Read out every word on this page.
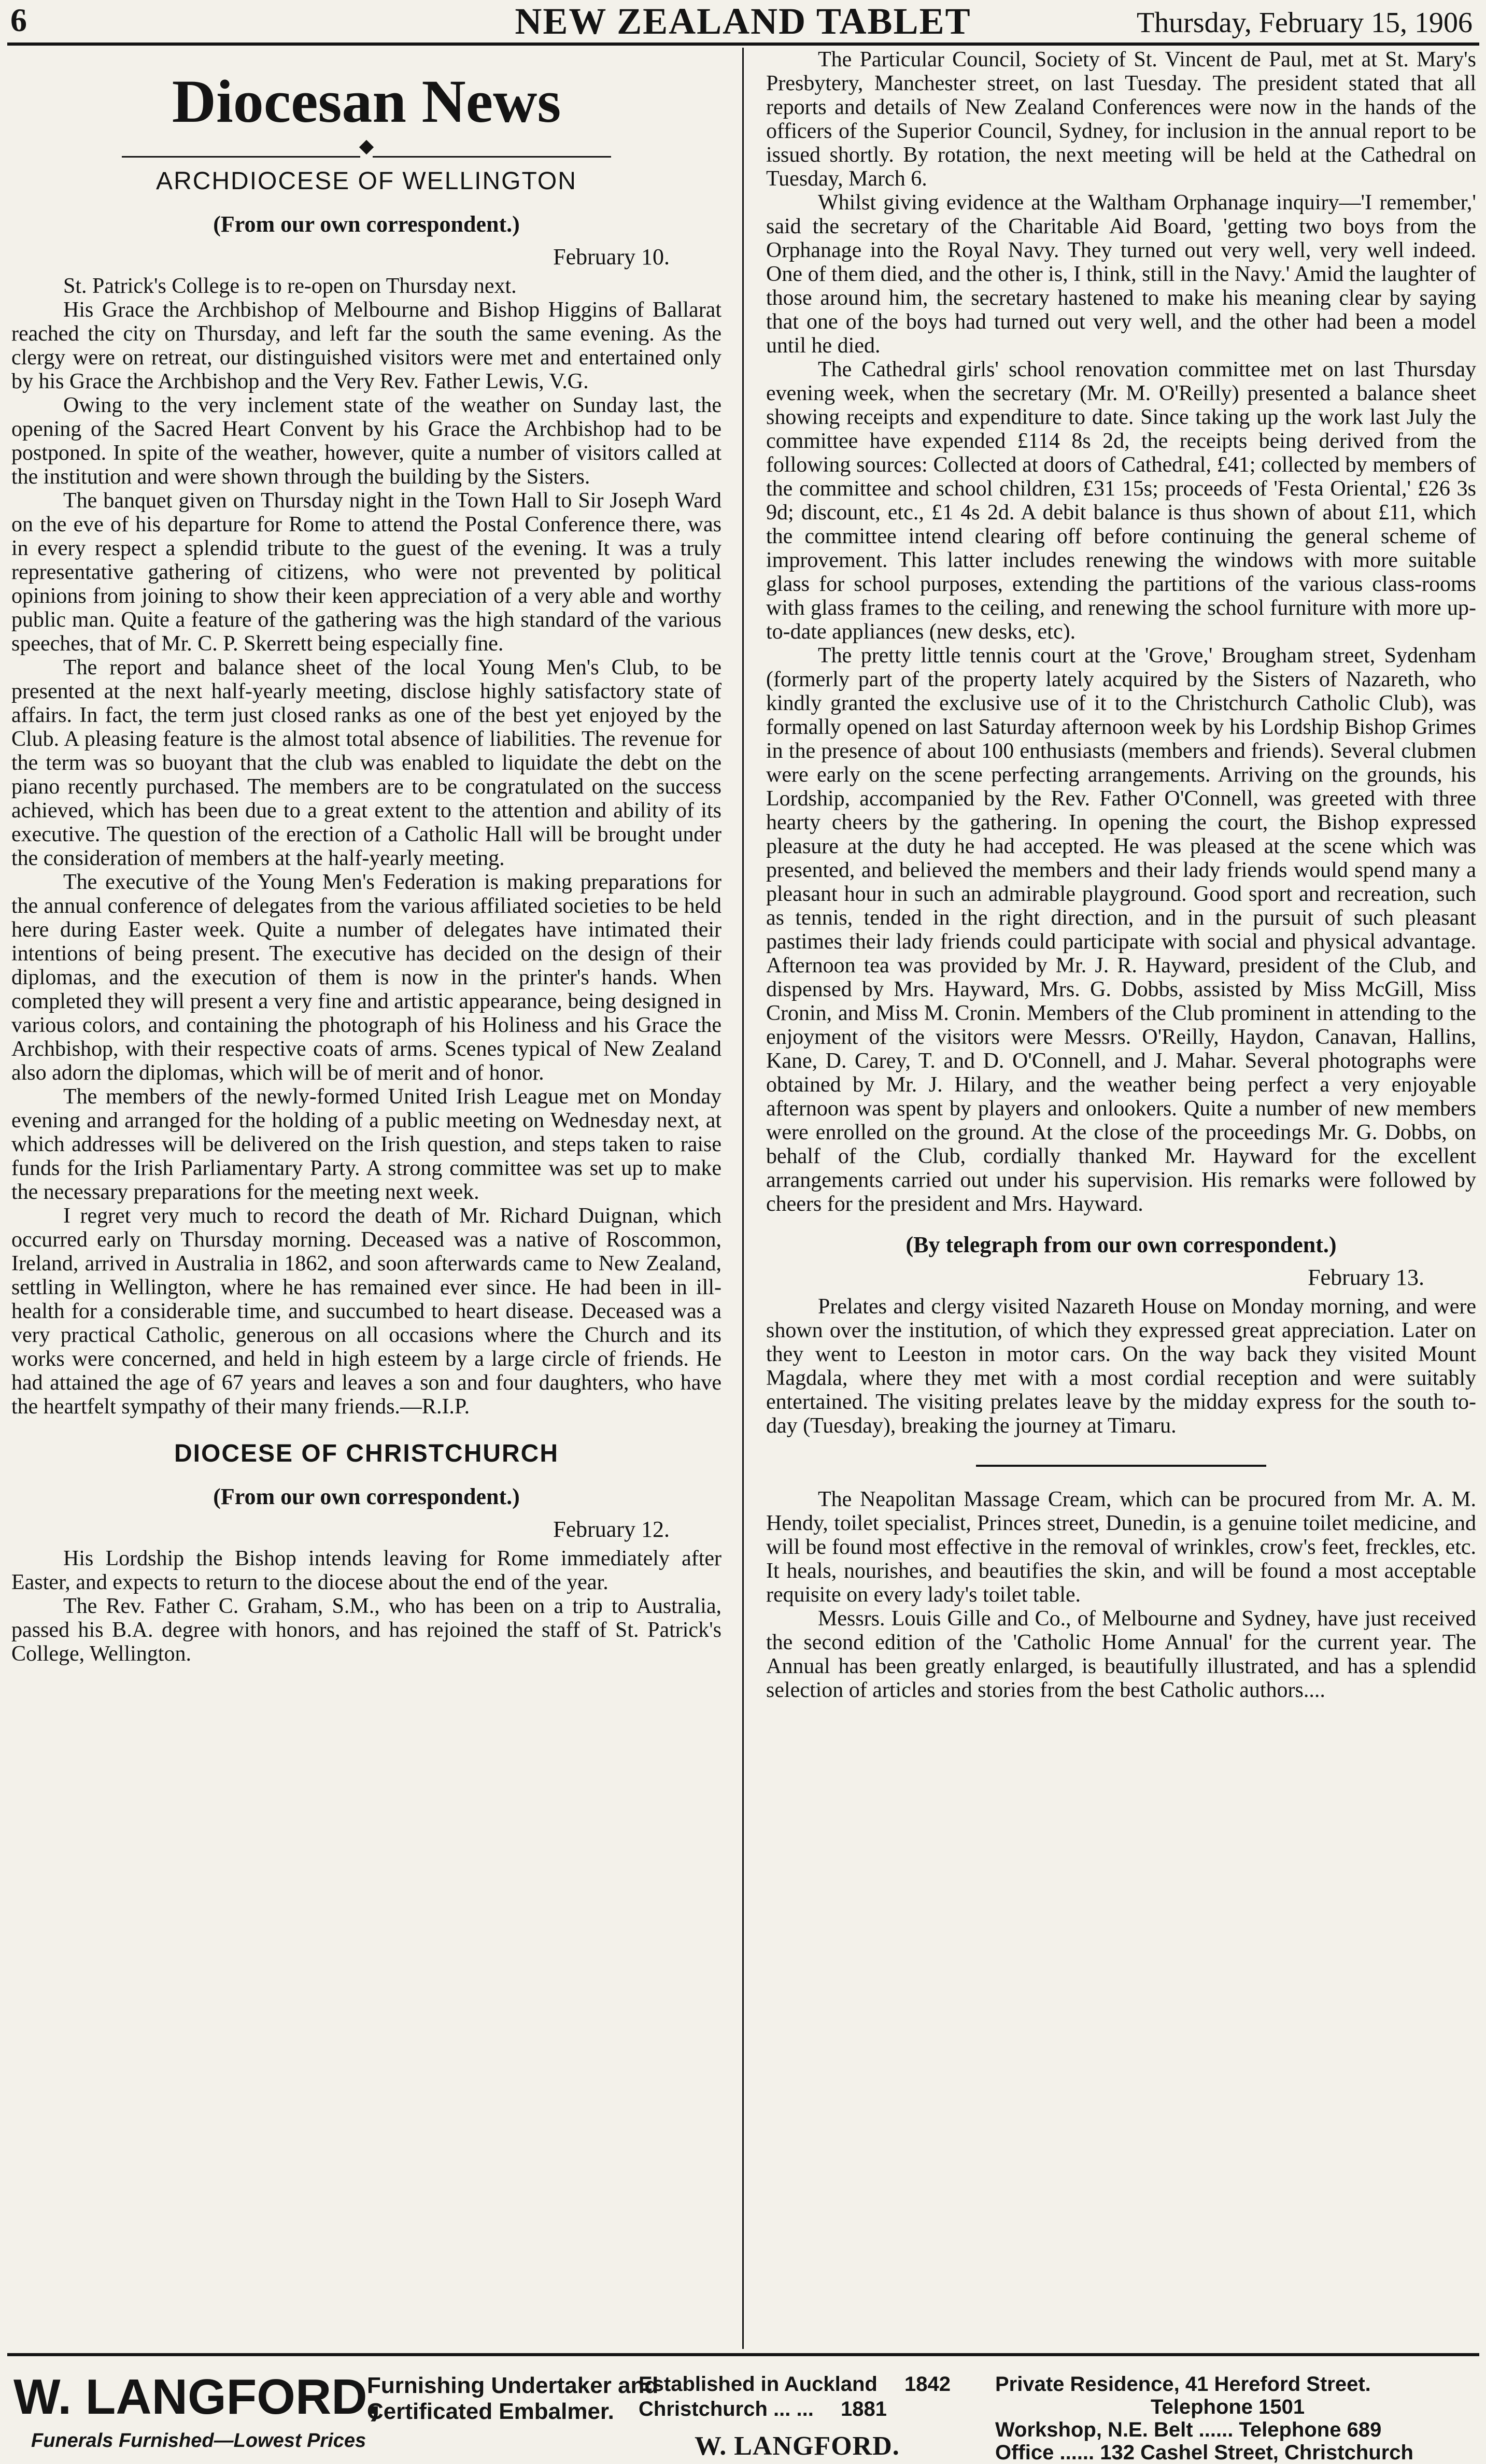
6	NEW ZEALAND TABLET	Thursday, February 15, 1906
Diocesan News
ARCHDIOCESE OF WELLINGTON
(From our own correspondent.)
February 10.

St. Patrick's College is to re-open on Thursday next.

His Grace the Archbishop of Melbourne and Bishop Higgins of Ballarat reached the city on Thursday, and left far the south the same evening. As the clergy were on retreat, our distinguished visitors were met and entertained only by his Grace the Archbishop and the Very Rev. Father Lewis, V.G.

Owing to the very inclement state of the weather on Sunday last, the opening of the Sacred Heart Convent by his Grace the Archbishop had to be postponed. In spite of the weather, however, quite a number of visitors called at the institution and were shown through the building by the Sisters.

The banquet given on Thursday night in the Town Hall to Sir Joseph Ward on the eve of his departure for Rome to attend the Postal Conference there, was in every respect a splendid tribute to the guest of the evening. It was a truly representative gathering of citizens, who were not prevented by political opinions from joining to show their keen appreciation of a very able and worthy public man. Quite a feature of the gathering was the high standard of the various speeches, that of Mr. C. P. Skerrett being especially fine.

The report and balance sheet of the local Young Men's Club, to be presented at the next half-yearly meeting, disclose highly satisfactory state of affairs. In fact, the term just closed ranks as one of the best yet enjoyed by the Club. A pleasing feature is the almost total absence of liabilities. The revenue for the term was so buoyant that the club was enabled to liquidate the debt on the piano recently purchased. The members are to be congratulated on the success achieved, which has been due to a great extent to the attention and ability of its executive. The question of the erection of a Catholic Hall will be brought under the consideration of members at the half-yearly meeting.

The executive of the Young Men's Federation is making preparations for the annual conference of delegates from the various affiliated societies to be held here during Easter week. Quite a number of delegates have intimated their intentions of being present. The executive has decided on the design of their diplomas, and the execution of them is now in the printer's hands. When completed they will present a very fine and artistic appearance, being designed in various colors, and containing the photograph of his Holiness and his Grace the Archbishop, with their respective coats of arms. Scenes typical of New Zealand also adorn the diplomas, which will be of merit and of honor.

The members of the newly-formed United Irish League met on Monday evening and arranged for the holding of a public meeting on Wednesday next, at which addresses will be delivered on the Irish question, and steps taken to raise funds for the Irish Parliamentary Party. A strong committee was set up to make the necessary preparations for the meeting next week.

I regret very much to record the death of Mr. Richard Duignan, which occurred early on Thursday morning. Deceased was a native of Roscommon, Ireland, arrived in Australia in 1862, and soon afterwards came to New Zealand, settling in Wellington, where he has remained ever since. He had been in ill-health for a considerable time, and succumbed to heart disease. Deceased was a very practical Catholic, generous on all occasions where the Church and its works were concerned, and held in high esteem by a large circle of friends. He had attained the age of 67 years and leaves a son and four daughters, who have the heartfelt sympathy of their many friends.—R.I.P.

DIOCESE OF CHRISTCHURCH
(From our own correspondent.)
February 12.

His Lordship the Bishop intends leaving for Rome immediately after Easter, and expects to return to the diocese about the end of the year.

The Rev. Father C. Graham, S.M., who has been on a trip to Australia, passed his B.A. degree with honors, and has rejoined the staff of St. Patrick's College, Wellington.

The Particular Council, Society of St. Vincent de Paul, met at St. Mary's Presbytery, Manchester street, on last Tuesday. The president stated that all reports and details of New Zealand Conferences were now in the hands of the officers of the Superior Council, Sydney, for inclusion in the annual report to be issued shortly. By rotation, the next meeting will be held at the Cathedral on Tuesday, March 6.

Whilst giving evidence at the Waltham Orphanage inquiry—'I remember,' said the secretary of the Charitable Aid Board, 'getting two boys from the Orphanage into the Royal Navy. They turned out very well, very well indeed. One of them died, and the other is, I think, still in the Navy.' Amid the laughter of those around him, the secretary hastened to make his meaning clear by saying that one of the boys had turned out very well, and the other had been a model until he died.

The Cathedral girls' school renovation committee met on last Thursday evening week, when the secretary (Mr. M. O'Reilly) presented a balance sheet showing receipts and expenditure to date. Since taking up the work last July the committee have expended £114 8s 2d, the receipts being derived from the following sources: Collected at doors of Cathedral, £41; collected by members of the committee and school children, £31 15s; proceeds of 'Festa Oriental,' £26 3s 9d; discount, etc., £1 4s 2d. A debit balance is thus shown of about £11, which the committee intend clearing off before continuing the general scheme of improvement. This latter includes renewing the windows with more suitable glass for school purposes, extending the partitions of the various class-rooms with glass frames to the ceiling, and renewing the school furniture with more up-to-date appliances (new desks, etc).

The pretty little tennis court at the 'Grove,' Brougham street, Sydenham (formerly part of the property lately acquired by the Sisters of Nazareth, who kindly granted the exclusive use of it to the Christchurch Catholic Club), was formally opened on last Saturday afternoon week by his Lordship Bishop Grimes in the presence of about 100 enthusiasts (members and friends). Several clubmen were early on the scene perfecting arrangements. Arriving on the grounds, his Lordship, accompanied by the Rev. Father O'Connell, was greeted with three hearty cheers by the gathering. In opening the court, the Bishop expressed pleasure at the duty he had accepted. He was pleased at the scene which was presented, and believed the members and their lady friends would spend many a pleasant hour in such an admirable playground. Good sport and recreation, such as tennis, tended in the right direction, and in the pursuit of such pleasant pastimes their lady friends could participate with social and physical advantage. Afternoon tea was provided by Mr. J. R. Hayward, president of the Club, and dispensed by Mrs. Hayward, Mrs. G. Dobbs, assisted by Miss McGill, Miss Cronin, and Miss M. Cronin. Members of the Club prominent in attending to the enjoyment of the visitors were Messrs. O'Reilly, Haydon, Canavan, Hallins, Kane, D. Carey, T. and D. O'Connell, and J. Mahar. Several photographs were obtained by Mr. J. Hilary, and the weather being perfect a very enjoyable afternoon was spent by players and onlookers. Quite a number of new members were enrolled on the ground. At the close of the proceedings Mr. G. Dobbs, on behalf of the Club, cordially thanked Mr. Hayward for the excellent arrangements carried out under his supervision. His remarks were followed by cheers for the president and Mrs. Hayward.

(By telegraph from our own correspondent.)
February 13.

Prelates and clergy visited Nazareth House on Monday morning, and were shown over the institution, of which they expressed great appreciation. Later on they went to Leeston in motor cars. On the way back they visited Mount Magdala, where they met with a most cordial reception and were suitably entertained. The visiting prelates leave by the midday express for the south to-day (Tuesday), breaking the journey at Timaru.

The Neapolitan Massage Cream, which can be procured from Mr. A. M. Hendy, toilet specialist, Princes street, Dunedin, is a genuine toilet medicine, and will be found most effective in the removal of wrinkles, crow's feet, freckles, etc. It heals, nourishes, and beautifies the skin, and will be found a most acceptable requisite on every lady's toilet table.

Messrs. Louis Gille and Co., of Melbourne and Sydney, have just received the second edition of the 'Catholic Home Annual' for the current year. The Annual has been greatly enlarged, is beautifully illustrated, and has a splendid selection of articles and stories from the best Catholic authors....

W. LANGFORD,
Furnishing Undertaker and
Certificated Embalmer.
Funerals Furnished—Lowest Prices
Established in Auckland 1842
Christchurch ... ... 1881
W. LANGFORD.
Private Residence, 41 Hereford Street.
Telephone 1501
Workshop, N.E. Belt ...... Telephone 689
Office ...... 132 Cashel Street, Christchurch
